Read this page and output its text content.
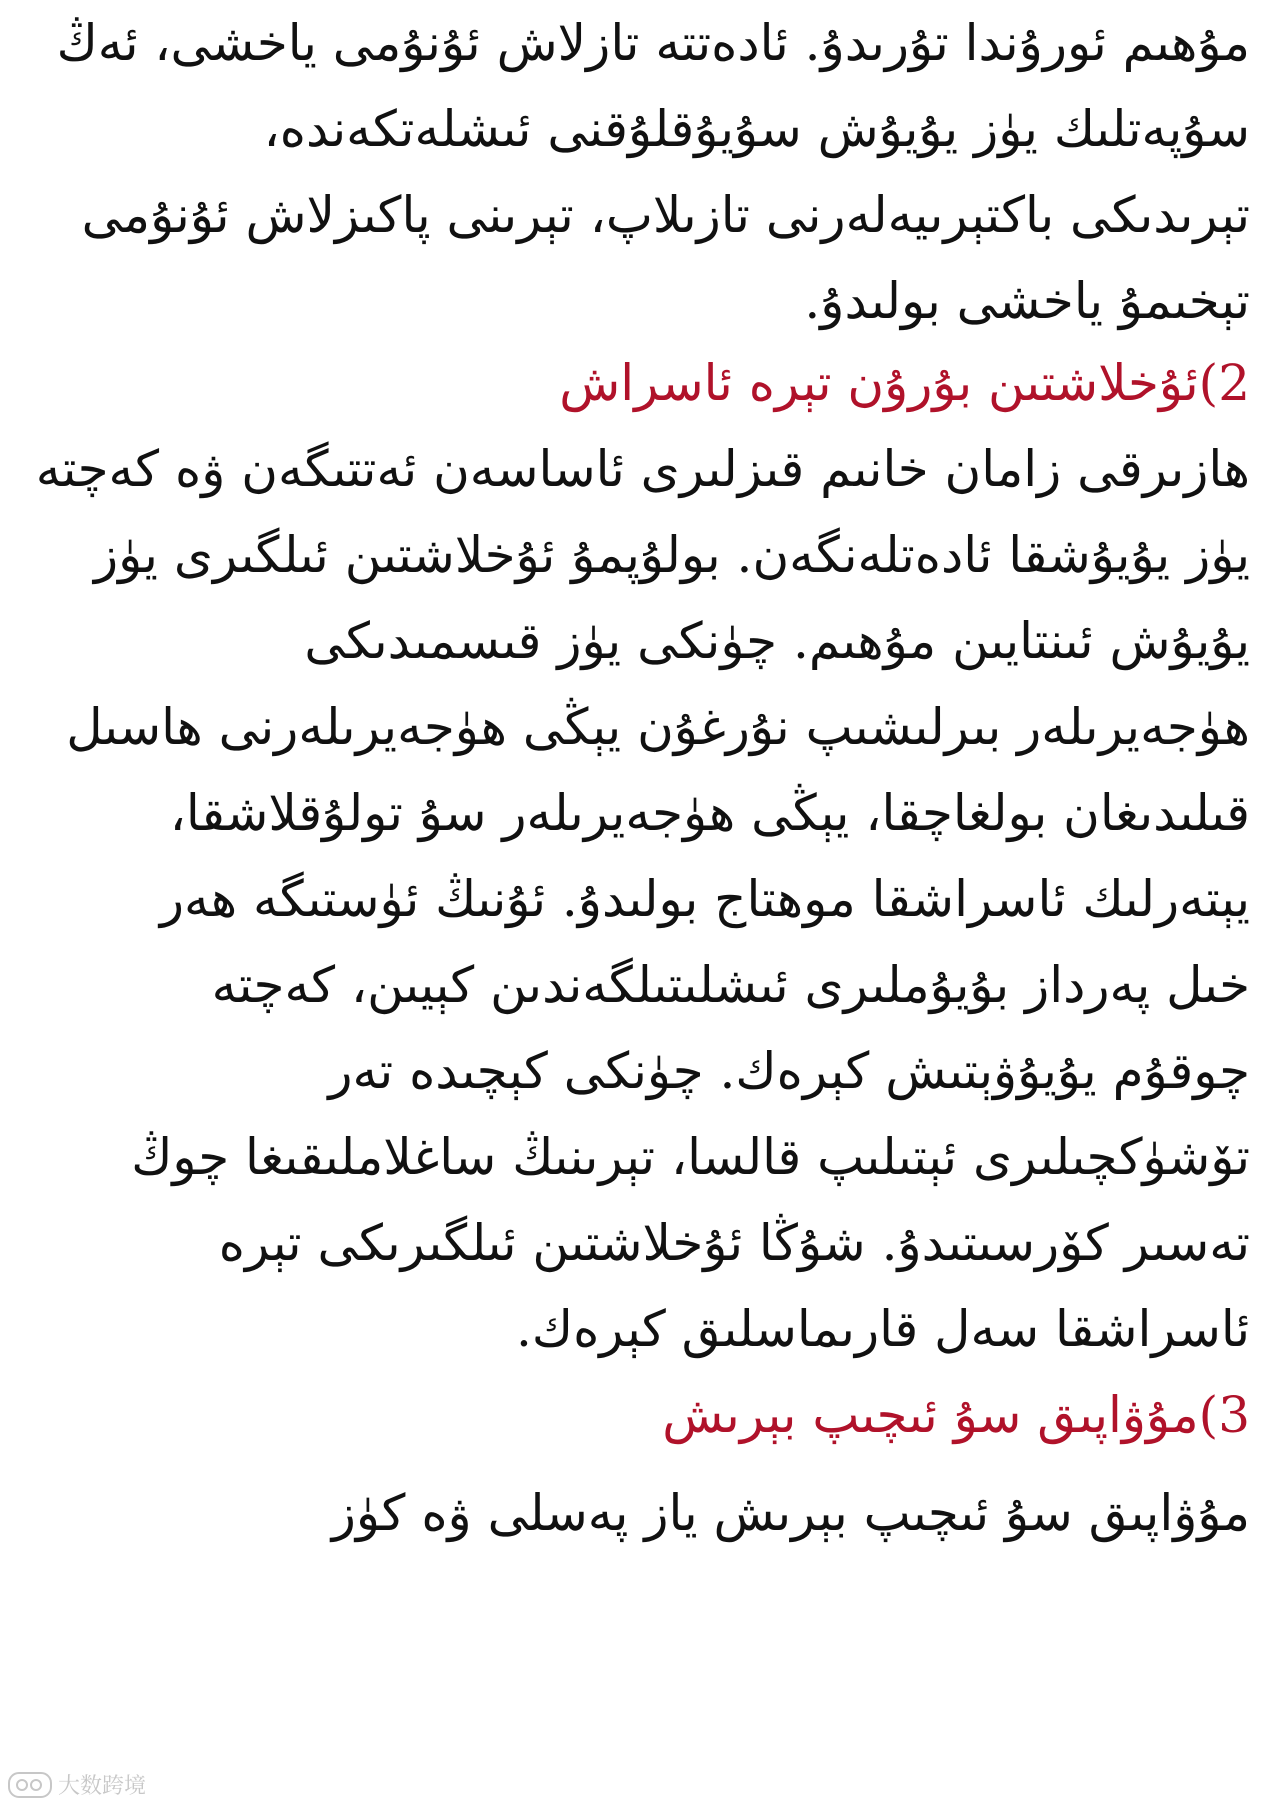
مۇھىم ئورۇندا تۇرىدۇ. ئادەتتە تازلاش ئۇنۇمى ياخشى، ئەڭ
سۇپەتلىك يۈز يۇيۇش سۇيۇقلۇقنى ئىشلەتكەندە،
تېرىدىكى باكتېرىيەلەرنى تازىلاپ، تېرىنى پاكىزلاش ئۇنۇمى
تېخىمۇ ياخشى بولىدۇ.
2)ئۇخلاشتىن بۇرۇن تېرە ئاسراش
ھازىرقى زامان خانىم قىزلىرى ئاساسەن ئەتتىگەن ۋە كەچتە
يۈز يۇيۇشقا ئادەتلەنگەن. بولۇپمۇ ئۇخلاشتىن ئىلگىرى يۈز
يۇيۇش ئىنتايىن مۇھىم. چۈنكى يۈز قىسمىدىكى
ھۈجەيرىلەر بىرلىشىپ نۇرغۇن يېڭى ھۈجەيرىلەرنى ھاسىل
قىلىدىغان بولغاچقا، يېڭى ھۈجەيرىلەر سۇ تولۇقلاشقا،
يېتەرلىك ئاسراشقا موھتاج بولىدۇ. ئۇنىڭ ئۈستىگە ھەر
خىل پەرداز بۇيۇملىرى ئىشلىتىلگەندىن كېيىن، كەچتە
چوقۇم يۇيۇۋېتىش كېرەك. چۈنكى كېچىدە تەر
تۆشۈكچىلىرى ئېتىلىپ قالسا، تېرىنىڭ ساغلاملىقىغا چوڭ
تەسىر كۆرسىتىدۇ. شۇڭا ئۇخلاشتىن ئىلگىرىكى تېرە
ئاسراشقا سەل قارىماسلىق كېرەك.
3)مۇۋاپىق سۇ ئىچىپ بېرىش
مۇۋاپىق سۇ ئىچىپ بېرىش ياز پەسلى ۋە كۈز
大数跨境
